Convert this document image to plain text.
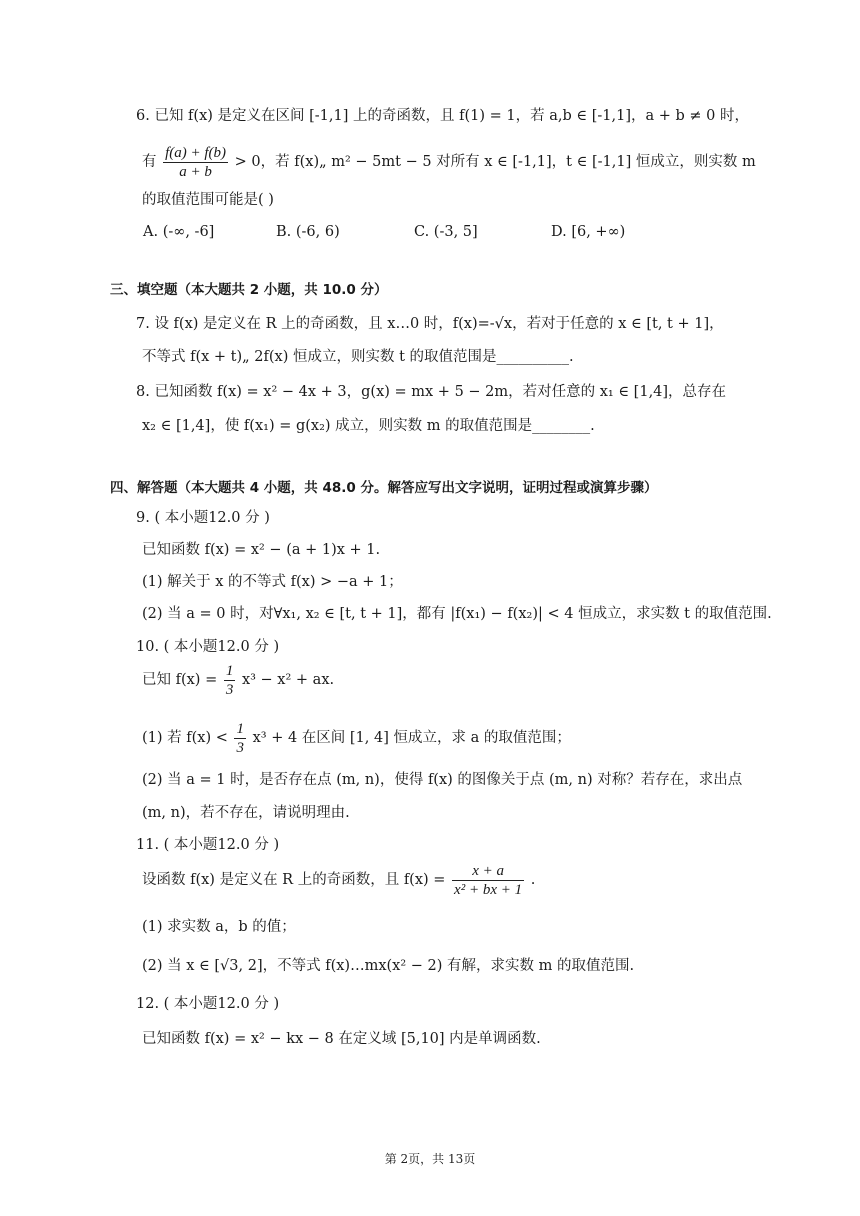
6. 已知 f(x) 是定义在区间 [-1,1] 上的奇函数，且 f(1) = 1，若 a,b ∈ [-1,1]，a + b ≠ 0 时，
有 $\frac{f(a) + f(b)}{a + b} > 0$，若 f(x)„ m² − 5mt − 5 对所有 x ∈ [-1,1]，t ∈ [-1,1] 恒成立，则实数 m
的取值范围可能是( )
A. (-∞, -6]	B. (-6, 6)	C. (-3, 5]	D. [6, +∞)
三、填空题（本大题共 2 小题，共 10.0 分）
7. 设 f(x) 是定义在 R 上的奇函数，且 x…0 时，f(x)=-√x，若对于任意的 x ∈ [t, t + 1]，
不等式 f(x + t)„ 2f(x) 恒成立，则实数 t 的取值范围是__________.
8. 已知函数 f(x) = x² − 4x + 3，g(x) = mx + 5 − 2m，若对任意的 x₁ ∈ [1,4]，总存在
x₂ ∈ [1,4]，使 f(x₁) = g(x₂) 成立，则实数 m 的取值范围是________.
四、解答题（本大题共 4 小题，共 48.0 分。解答应写出文字说明，证明过程或演算步骤）
9. ( 本小题12.0 分 )
已知函数 f(x) = x² − (a + 1)x + 1.
(1) 解关于 x 的不等式 f(x) > −a + 1；
(2) 当 a = 0 时，对∀x₁, x₂ ∈ [t, t + 1]，都有 |f(x₁) − f(x₂)| < 4 恒成立，求实数 t 的取值范围.
10. ( 本小题12.0 分 )
已知 $f(x) = \frac{1}{3} x^3 - x^2$ + ax.
(1) 若 $f(x) < \frac{1}{3} x^3 + 4$ 在区间 [1, 4] 恒成立，求 a 的取值范围；
(2) 当 a = 1 时，是否存在点 (m, n)，使得 f(x) 的图像关于点 (m, n) 对称？若存在，求出点
(m, n)，若不存在，请说明理由.
11. ( 本小题12.0 分 )
设函数 f(x) 是定义在 R 上的奇函数，且 $f(x) = \frac{x + a}{\text{x² + bx + 1}}$ .
(1) 求实数 a，b 的值；
(2) 当 x ∈ [√3, 2]，不等式 f(x)…mx(x² − 2) 有解，求实数 m 的取值范围.
12. ( 本小题12.0 分 )
已知函数 f(x) = x² − kx − 8 在定义域 [5,10] 内是单调函数.
第 2页，共 13页
